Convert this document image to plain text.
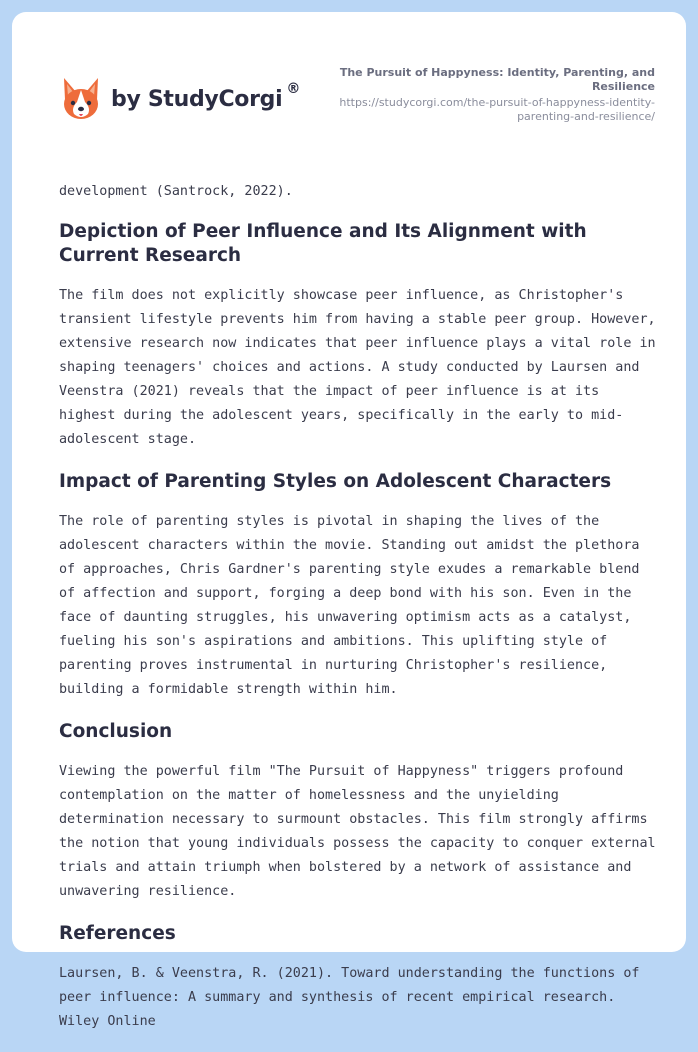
by StudyCorgi ®
The Pursuit of Happyness: Identity, Parenting, and Resilience
https://studycorgi.com/the-pursuit-of-happyness-identity-parenting-and-resilience/

development (Santrock, 2022).

Depiction of Peer Influence and Its Alignment with Current Research

The film does not explicitly showcase peer influence, as Christopher's transient lifestyle prevents him from having a stable peer group. However, extensive research now indicates that peer influence plays a vital role in shaping teenagers' choices and actions. A study conducted by Laursen and Veenstra (2021) reveals that the impact of peer influence is at its highest during the adolescent years, specifically in the early to mid-adolescent stage.

Impact of Parenting Styles on Adolescent Characters

The role of parenting styles is pivotal in shaping the lives of the adolescent characters within the movie. Standing out amidst the plethora of approaches, Chris Gardner's parenting style exudes a remarkable blend of affection and support, forging a deep bond with his son. Even in the face of daunting struggles, his unwavering optimism acts as a catalyst, fueling his son's aspirations and ambitions. This uplifting style of parenting proves instrumental in nurturing Christopher's resilience, building a formidable strength within him.

Conclusion

Viewing the powerful film "The Pursuit of Happyness" triggers profound contemplation on the matter of homelessness and the unyielding determination necessary to surmount obstacles. This film strongly affirms the notion that young individuals possess the capacity to conquer external trials and attain triumph when bolstered by a network of assistance and unwavering resilience.

References

Laursen, B. & Veenstra, R. (2021). Toward understanding the functions of peer influence: A summary and synthesis of recent empirical research. Wiley Online
